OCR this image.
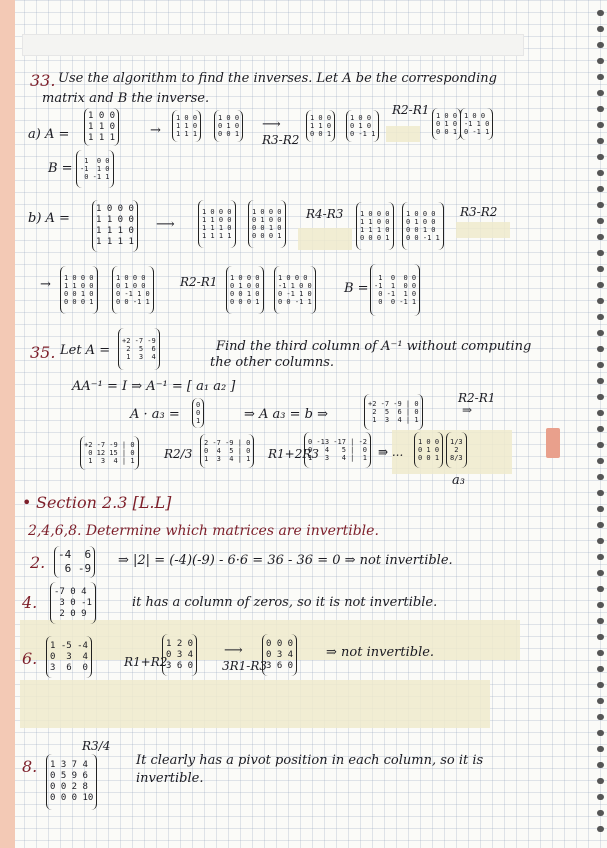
33. Use the algorithm to find the inverses. Let A be the corresponding
matrix and B the inverse.
a) A =
1 0 0
1 1 0
1 1 1	→
1 0 0
1 1 0
1 1 1
1 0 0
0 1 0
0 0 1
⟶
R3-R2
1 0 0
1 1 0
0 0 1
1 0 0
0 1 0
0 -1 1
R2-R1 1 0 0
0 1 0
0 0 1
1 0 0
-1 1 0
0 -1 1
B =	1  0 0
-1  1 0
0 -1 1
b) A =
1 0 0 0
1 1 0 0
1 1 1 0
1 1 1 1
⟶
1 0 0 0
1 1 0 0
1 1 1 0
1 1 1 1
1 0 0 0
0 1 0 0
0 0 1 0
0 0 0 1
R4-R3	1 0 0 0
1 1 0 0
1 1 1 0
0 0 0 1
1 0 0 0
0 1 0 0
0 0 1 0
0 0 -1 1
R3-R2
→	1 0 0 0
1 1 0 0
0 0 1 0
0 0 0 1
1 0 0 0
0 1 0 0
0 -1 1 0
0 0 -1 1
R2-R1	1 0 0 0
0 1 0 0
0 0 1 0
0 0 0 1
1 0 0 0
-1 1 0 0
0 -1 1 0
0 0 -1 1
B =
1  0  0 0
-1  1  0 0
0 -1  1 0
0  0 -1 1
35. Let A =
+2 -7 -9
2  5  6
1  3  4
Find the third column of A⁻¹ without computing
the other columns.
AA⁻¹ = I ⇒ A⁻¹ = [ a₁ a₂ ]
A · a₃ =
0
0
1	⇒ A a₃ = b ⇒
+2 -7 -9 | 0
2  5  6 | 0
1  3  4 | 1
R2-R1
⇒
+2 -7 -9 | 0
0 12 15 | 0
1  3  4 | 1	R2/3
2 -7 -9 | 0
0  4  5 | 0
1  3  4 | 1	R1+2R3
0 -13 -17 | -2
0   4   5 |  0
1   3   4 |  1 ⇛ ...
1 0 0
0 1 0
0 0 1
1/3
2
8/3
a₃
• Section 2.3 [L.L]
2,4,6,8. Determine which matrices are invertible.
2.	-4  6
6 -9
⇒ |2| = (-4)(-9) - 6·6 = 36 - 36 = 0 ⇒ not invertible.
4.
-7 0 4
3 0 -1
2 0 9
it has a column of zeros, so it is not invertible.
6.
1 -5 -4
0  3  4
3  6  0	R1+R2
1 2 0
0 3 4
3 6 0
⟶
3R1-R3
0 0 0
0 3 4
3 6 0
⇒ not invertible.
8.
R3/4
1 3 7 4
0 5 9 6
0 0 2 8
0 0 0 10
It clearly has a pivot position in each column, so it is
invertible.
